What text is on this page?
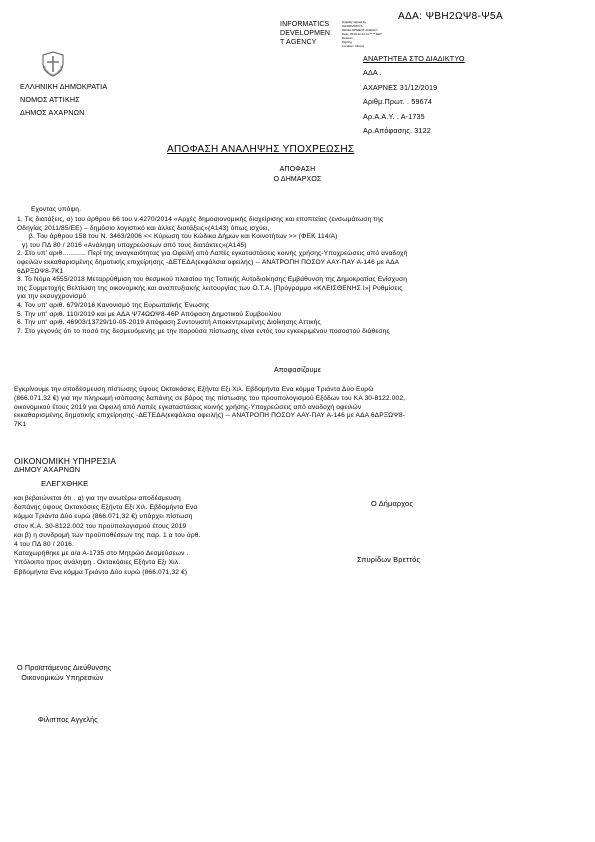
ΑΔΑ: ΨΒΗ2ΩΨ8-Ψ5Α
INFORMATICS
DEVELOPMEN
T AGENCY
Digitally signed by
INFORMATICS
DEVELOPMENT AGENCY
Date: 2019.12.31 11:**:** EET
Reason:
Signing
Location: Athens
ΕΛΛΗΝΙΚΗ ΔΗΜΟΚΡΑΤΙΑ
ΝΟΜΟΣ ΑΤΤΙΚΗΣ
ΔΗΜΟΣ ΑΧΑΡΝΩΝ
ΑΝΑΡΤΗΤΕΑ ΣΤΟ ΔΙΑΔΙΚΤΥΟ
ΑΔΑ .
ΑΧΑΡΝΕΣ 31/12/2019
Αριθμ.Πρωτ. . 59674
Αρ.Α.Α.Υ. . Α-1735
Αρ.Απόφασης. 3122
ΑΠΟΦΑΣΗ ΑΝΑΛΗΨΗΣ ΥΠΟΧΡΕΩΣΗΣ
ΑΠΟΦΑΣΗ
Ο ΔΗΜΑΡΧΟΣ
Εχοντας υπόψη.
1. Τις διατάξεις, α) του άρθρου 66 του ν.4270/2014 «Αρχές δημοσιονομικής διαχείρισης και εποπτείας (ενσωμάτωση της
Οδηγίας 2011/85/ΕΕ) – δημόσιο λογιστικό και άλλες διατάξεις»(Α143) όπως ισχύει,
β. Του άρθρου 158 του Ν. 3463/2006 << Κύρωση του Κώδικα Δήμων και Κοινοτήτων >> (ΦΕΚ 114/Α)
γ) του ΠΔ 80 / 2016 «Ανάληψη υποχρεώσεων από τους διατάκτες»(Α145)
2. Στο υπ' αριθ............ Περί της αναγκαιότητας για Οφειλή από Λαπές εγκαταστάσεις κοινής χρήσης-Υποχρεώσεις από αναδοχή
οφειλών εκκαθαρισμένης δημοτικής επιχείρησης -ΔΕΤΕΔΑ(εκφάλσια οφειλής) -- ΑΝΑΤΡΟΠΗ ΠΟΣΟΥ ΑΑΥ-ΠΑΥ Α-146 με ΑΔΑ
6ΔΡΞΩΨ8-7Κ1
3. Το Νόμο 4555/2018 Μεταρρύθμιση του θεσμικού πλαισίου της Τοπικής Αυτοδιοίκησης Εμβάθυνση της Δημοκρατίας Ενίσχυση
της Συμμετοχής Βελτίωση της οικονομικής και αναπτυξιακής λειτουργίας των Ο.Τ.Α. [Πρόγραμμα «ΚΛΕΙΣΘΕΝΗΣ Ι»] Ρυθμίσεις
για την εκσυγχρονισμό
4. Τον υπ' αριθ. 679/2016 Κανονισμό της Ευρωπαϊκής Ένωσης
5. Την υπ' αριθ. 110/2019 και με ΑΔΑ Ψ74ΩΩΨ8-46Ρ Απόφαση Δημοτικού Συμβουλίου
6. Την υπ' αριθ. 46903/13729/10-05-2019 Απόφαση Συντονιστή Αποκεντρωμένης Διοίκησης Αττικής
7. Στο γεγονός ότι το ποσό της δεσμευόμενης με την παρούσα πίστωσης είναι εντός του εγκεκριμένου ποσοστού διάθεσης
Αποφασίζουμε
Εγκρίνουμε την αποδέσμευση πίστωσης ύψους Οκτακόσιες Εξήντα Εξι Χιλ. Εβδομήντα Ενα κόμμα Τριάντα Δύο Ευρώ
(866.071,32 €) για την πληρωμή ισόποσης δαπάνης σε βάρος της πίστωσης του προυπολογισμού Εξόδων του ΚΑ 30-8122.002,
οικονομικού έτους 2019 για Οφειλή από Λαπές εγκαταστάσεις κοινής χρήσης-Υποχρεώσεις από αναδοχή οφειλών
εκκαθαρισμένης δημοτικής επιχείρησης -ΔΕΤΕΔΑ(εκφάλσια οφειλής) -- ΑΝΑΤΡΟΠΗ ΠΟΣΟΥ ΑΑΥ-ΠΑΥ Α-146 με ΑΔΑ 6ΔΡΞΩΨ8-
7Κ1
ΟΙΚΟΝΟΜΙΚΗ ΥΠΗΡΕΣΙΑ
ΔΗΜΟΥ ΑΧΑΡΝΩΝ
ΕΛΕΓΧΘΗΚΕ
και βεβαιώνεται ότι . α) για την ανωτέρω αποδέσμευση
δαπάνης ύψους Οκτακόσιες Εξήντα Εξι Χιλ. Εβδομήντα Ενα
κόμμα Τριάντα Δύο ευρώ (866.071,32 €) υπάρχει πίστωση
στον Κ.Α. 30-8122.002 του προϋπολογισμού έτους 2019
και β) η συνδρομή των προϋποθέσεων της παρ. 1 α του άρθ.
4 του ΠΔ 80 / 2016.
Καταχωρήθηκε με α/α Α-1735 στο Μητρώο Δεσμεύσεων .
Υπόλοιπο προς ανάληψη . Οκτακόσιες Εξήντα Εξι Χιλ.
Εβδομήντα Ενα κόμμα Τριάντα Δύο ευρώ (866.071,32 €)
Ο Δήμαρχος
Σπυρίδων Βρεττός
Ο Προϊστάμενος Διεύθυνσης
Οικονομικών Υπηρεσιών
Φίλιππος Αγγελής
